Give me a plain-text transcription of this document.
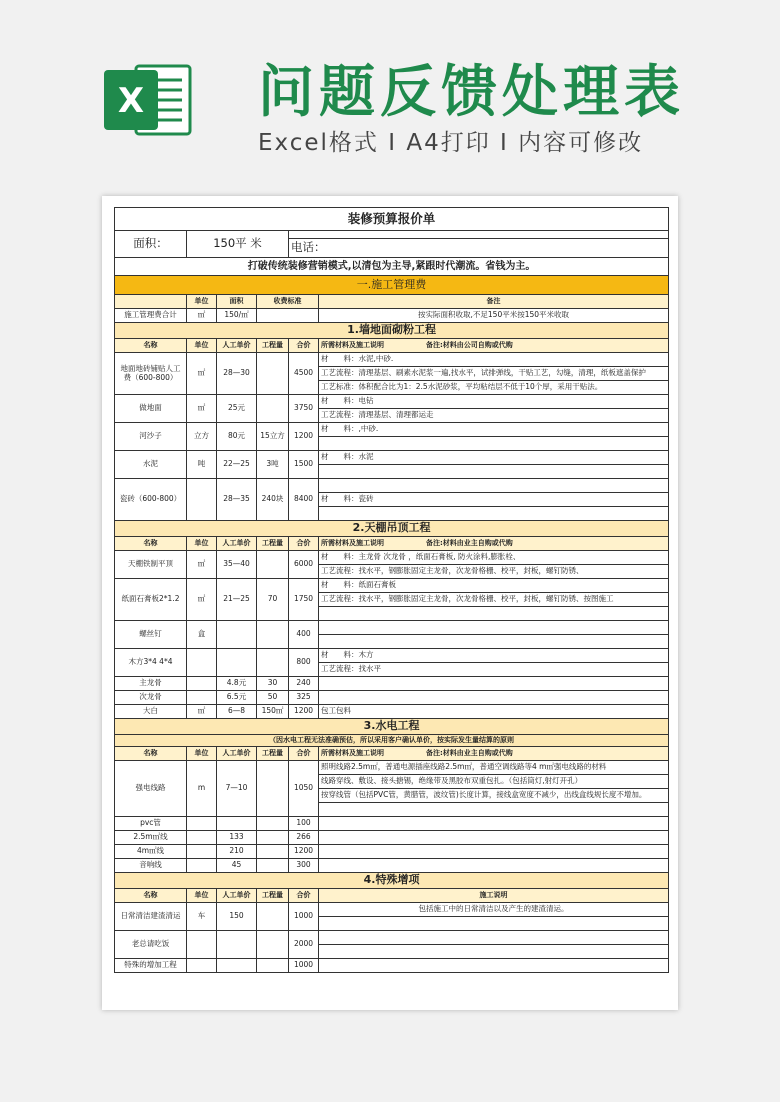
X 问题反馈处理表
Excel格式 I A4打印 I 内容可修改
装修预算报价单					
面积：	150平 米				
				电话：	
打破传统装修营销模式,以清包为主导,紧跟时代潮流。省钱为主。					
一.施工管理费					
	单位	面积	收费标准		备注
施工管理费合计	㎡	150/㎡			按实际面积收取,不足150平米按150平米收取
1.墙地面砌粉工程					
名称	单位	人工单价	工程量	合价	所需材料及施工说明　　　　　　 备注:材料由公司自购或代购
地面地砖铺贴人工费（600-800）	㎡	28—30		4500	材　　料：水泥,中砂.
					工艺流程：清理基层、刷素水泥浆一遍,找水平，试排弹线，干贴工艺，勾缝，清理，纸板遮盖保护
					工艺标准：体积配合比为1：2.5水泥砂浆，平均粘结层不低于10个厚，采用干贴法。
做地面	㎡	25元		3750	材　　料：电钻
					工艺流程：清理基层、清理都运走
河沙子	立方	80元	15立方	1200	材　　料：,中砂.

水泥	吨	22—25	3吨	1500	材　　料：水泥

瓷砖（600-800）		28—35	240块	8400	
					材　　料：瓷砖

2.天棚吊顶工程					
名称	单位	人工单价	工程量	合价	所需材料及施工说明　　　　　　 备注:材料由业主自购或代购
天棚铁制平顶	㎡	35—40		6000	材　　料：主龙骨 次龙骨 ，纸面石膏板, 防火涂料,膨胀栓、
					工艺流程：找水平，钢膨胀固定主龙骨，次龙骨格栅、校平，封板，螺钉防锈、
纸面石膏板2*1.2	㎡	21—25	70	1750	材　　料：纸面石膏板
					工艺流程：找水平，钢膨胀固定主龙骨，次龙骨格栅、校平，封板，螺钉防锈、按图施工

螺丝钉	盒			400	

木方3*4 4*4				800	材　　料：木方
					工艺流程：找水平
主龙骨		4.8元	30	240	
次龙骨		6.5元	50	325	
大白	㎡	6—8	150㎡	1200	包工包料
3.水电工程					
（因水电工程无法准确预估，所以采用客户确认单价，按实际发生量结算的原则					
名称	单位	人工单价	工程量	合价	所需材料及施工说明　　　　　　 备注:材料由业主自购或代购
强电线路	m	7—10		1050	照明线路2.5m㎡，普通电源插座线路2.5m㎡，普通空调线路等4 m㎡强电线路的材料
					线路穿线、敷设、接头搪锡，绝缘带及黑胶布双重包扎。（包括筒灯,射灯开孔）
					按穿线管（包括PVC管，黄腊管，波纹管)长度计算，接线盒宽度不减少，出线盒线规长度不增加。

pvc管				100	
2.5m㎡线		133		266	
4m㎡线		210		1200	
音响线		45		300	
4.特殊增项					
名称	单位	人工单价	工程量	合价	施工说明
日常清洁建渣清运	车	150		1000	包括施工中的日常清洁以及产生的建渣清运。

老总请吃饭				2000	

特殊的增加工程				1000	
